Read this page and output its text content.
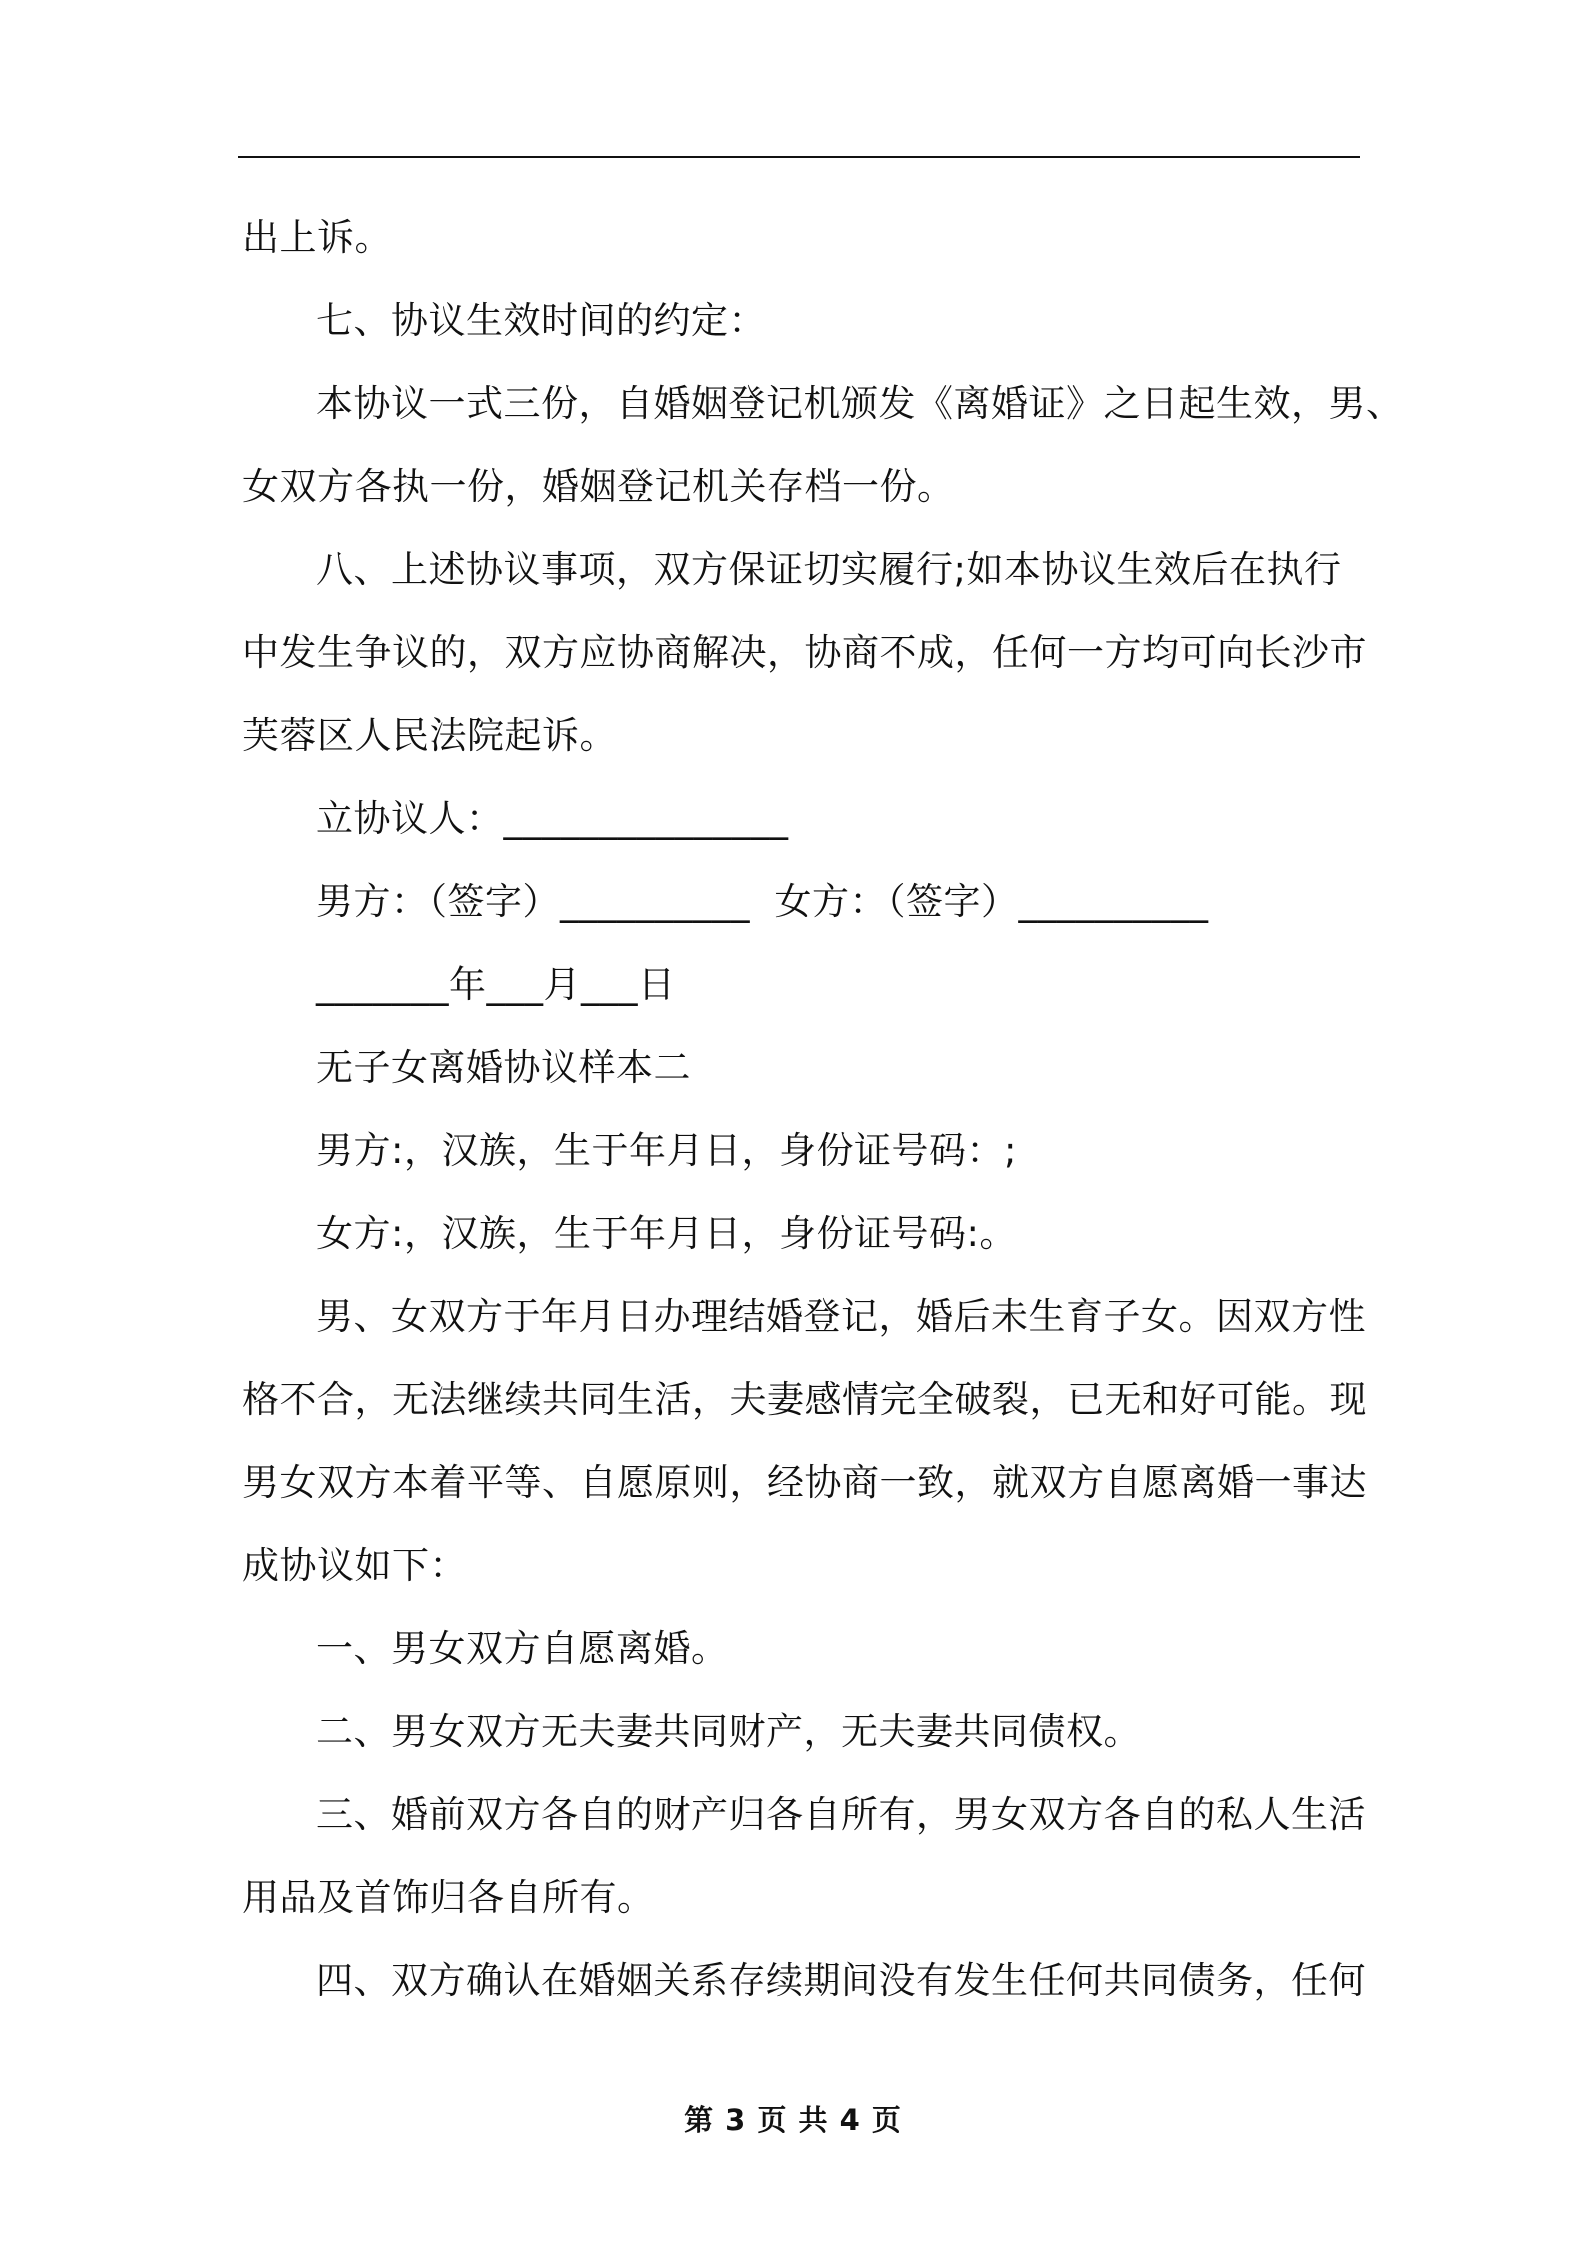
出上诉。
七、协议生效时间的约定：
本协议一式三份，自婚姻登记机颁发《离婚证》之日起生效，男、
女双方各执一份，婚姻登记机关存档一份。
八、上述协议事项，双方保证切实履行;如本协议生效后在执行
中发生争议的，双方应协商解决，协商不成，任何一方均可向长沙市
芙蓉区人民法院起诉。
立协议人：_______________
男方：（签字）__________  女方：（签字）__________
_______年___月___日
无子女离婚协议样本二
男方:，汉族，生于年月日，身份证号码：;
女方:，汉族，生于年月日，身份证号码:。
男、女双方于年月日办理结婚登记，婚后未生育子女。因双方性
格不合，无法继续共同生活，夫妻感情完全破裂，已无和好可能。现
男女双方本着平等、自愿原则，经协商一致，就双方自愿离婚一事达
成协议如下：
一、男女双方自愿离婚。
二、男女双方无夫妻共同财产，无夫妻共同债权。
三、婚前双方各自的财产归各自所有，男女双方各自的私人生活
用品及首饰归各自所有。
四、双方确认在婚姻关系存续期间没有发生任何共同债务，任何
第 3 页 共 4 页
